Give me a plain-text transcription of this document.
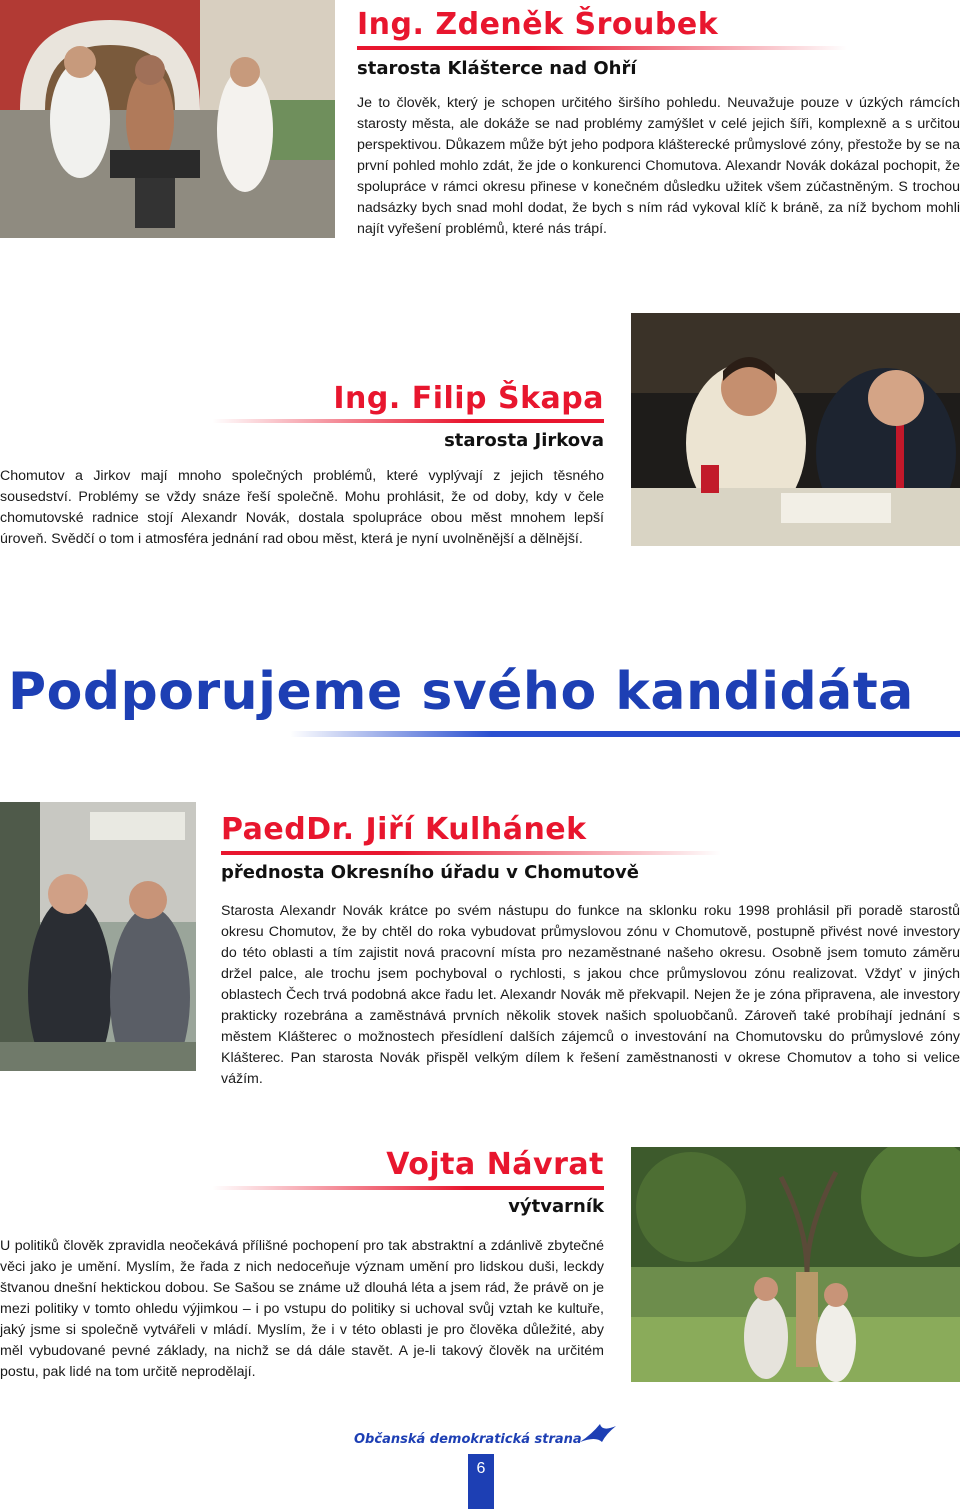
Ing. Zdeněk Šroubek
starosta Klášterce nad Ohří

Je to člověk, který je schopen určitého širšího pohledu. Neuvažuje pouze v úzkých rámcích starosty města, ale dokáže se nad problémy zamýšlet v celé jejich šíři, komplexně a s určitou perspektivou. Důkazem může být jeho podpora klášterecké průmyslové zóny, přestože by se na první pohled mohlo zdát, že jde o konkurenci Chomutova. Alexandr Novák dokázal pochopit, že spolupráce v rámci okresu přinese v konečném důsledku užitek všem zúčastněným. S trochou nadsázky bych snad mohl dodat, že bych s ním rád vykoval klíč k bráně, za níž bychom mohli najít vyřešení problémů, které nás trápí.

Ing. Filip Škapa
starosta Jirkova

Chomutov a Jirkov mají mnoho společných problémů, které vyplývají z jejich těsného sousedství. Problémy se vždy snáze řeší společně. Mohu prohlásit, že od doby, kdy v čele chomutovské radnice stojí Alexandr Novák, dostala spolupráce obou měst mnohem lepší úroveň. Svědčí o tom i atmosféra jednání rad obou měst, která je nyní uvolněnější a dělnější.

Podporujeme svého kandidáta
PaedDr. Jiří Kulhánek
přednosta Okresního úřadu v Chomutově

Starosta Alexandr Novák krátce po svém nástupu do funkce na sklonku roku 1998 prohlásil při poradě starostů okresu Chomutov, že by chtěl do roka vybudovat průmyslovou zónu v Chomutově, postupně přivést nové investory do této oblasti a tím zajistit nová pracovní místa pro nezaměstnané našeho okresu. Osobně jsem tomuto záměru držel palce, ale trochu jsem pochyboval o rychlosti, s jakou chce průmyslovou zónu realizovat. Vždyť v jiných oblastech Čech trvá podobná akce řadu let. Alexandr Novák mě překvapil. Nejen že je zóna připravena, ale investory prakticky rozebrána a zaměstnává prvních několik stovek našich spoluobčanů. Zároveň také probíhají jednání s městem Klášterec o možnostech přesídlení dalších zájemců o investování na Chomutovsku do průmyslové zóny Klášterec. Pan starosta Novák přispěl velkým dílem k řešení zaměstnanosti v okrese Chomutov a toho si velice vážím.

Vojta Návrat
výtvarník

U politiků člověk zpravidla neočekává přílišné pochopení pro tak abstraktní a zdánlivě zbytečné věci jako je umění. Myslím, že řada z nich nedoceňuje význam umění pro lidskou duši, leckdy štvanou dnešní hektickou dobou. Se Sašou se známe už dlouhá léta a jsem rád, že právě on je mezi politiky v tomto ohledu výjimkou – i po vstupu do politiky si uchoval svůj vztah ke kultuře, jaký jsme si společně vytvářeli v mládí. Myslím, že i v této oblasti je pro člověka důležité, aby měl vybudované pevné základy, na nichž se dá dále stavět. A je-li takový člověk na určitém postu, pak lidé na tom určitě neprodělají.

Občanská demokratická strana
6
